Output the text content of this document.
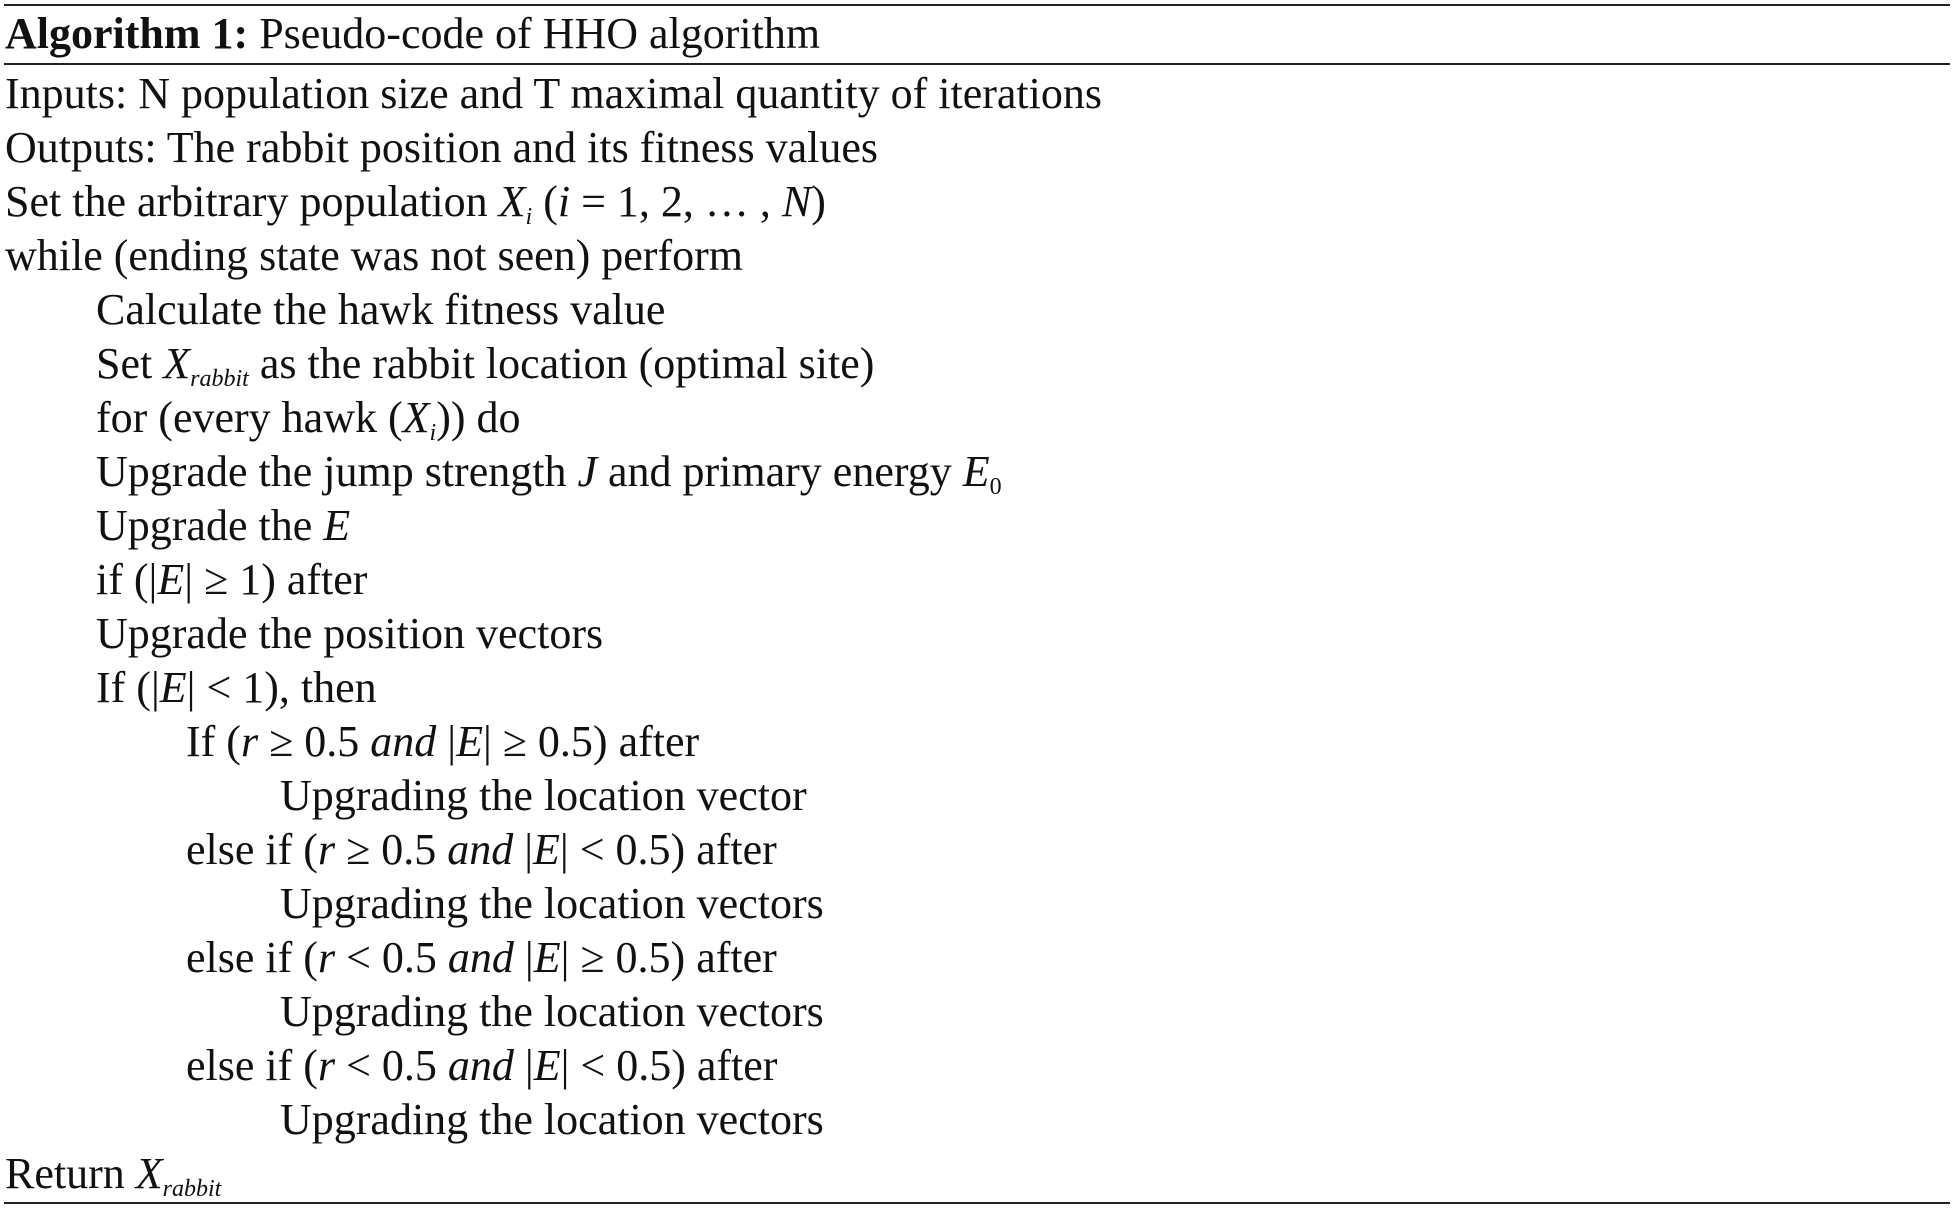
Algorithm 1: Pseudo-code of HHO algorithm
Inputs: N population size and T maximal quantity of iterations
Outputs: The rabbit position and its fitness values
Set the arbitrary population $X_i$ (i = 1, 2, … , N)
while (ending state was not seen) perform
Calculate the hawk fitness value
Set $X_{rabbit}$ as the rabbit location (optimal site)
for (every hawk $(X_i)$) do
Upgrade the jump strength J and primary energy E0
Upgrade the E
if (|E| ≥ 1) after
Upgrade the position vectors
If (|E| < 1), then
If (r ≥ 0.5 and |E| ≥ 0.5) after
Upgrading the location vector
else if (r ≥ 0.5 and |E| < 0.5) after
Upgrading the location vectors
else if (r < 0.5 and |E| ≥ 0.5) after
Upgrading the location vectors
else if (r < 0.5 and |E| < 0.5) after
Upgrading the location vectors
Return $X_{rabbit}$
